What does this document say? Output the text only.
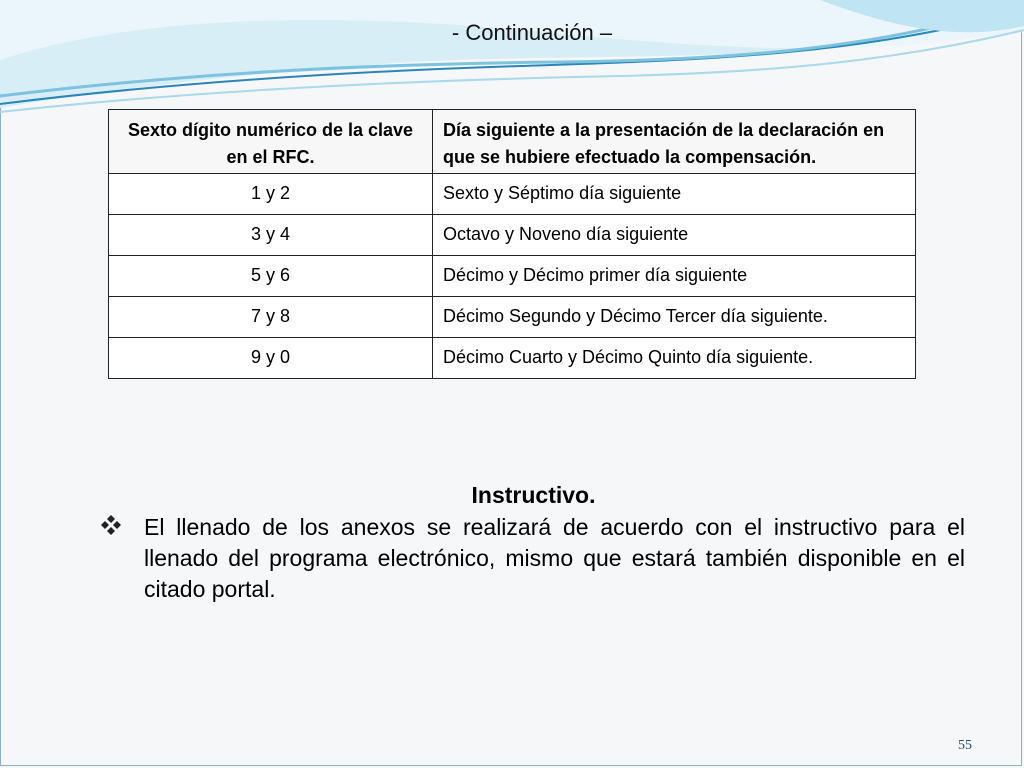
- Continuación –
Sexto dígito numérico de la clave en el RFC.	Día siguiente a la presentación de la declaración en que se hubiere efectuado la compensación.
1 y 2	Sexto y Séptimo día siguiente
3 y 4	Octavo y Noveno día siguiente
5 y 6	Décimo y Décimo primer día siguiente
7 y 8	Décimo Segundo y Décimo Tercer día siguiente.
9 y 0	Décimo Cuarto y Décimo Quinto día siguiente.
Instructivo.
El llenado de los anexos se realizará de acuerdo con el instructivo para el llenado del programa electrónico, mismo que estará también disponible en el citado portal.
55
